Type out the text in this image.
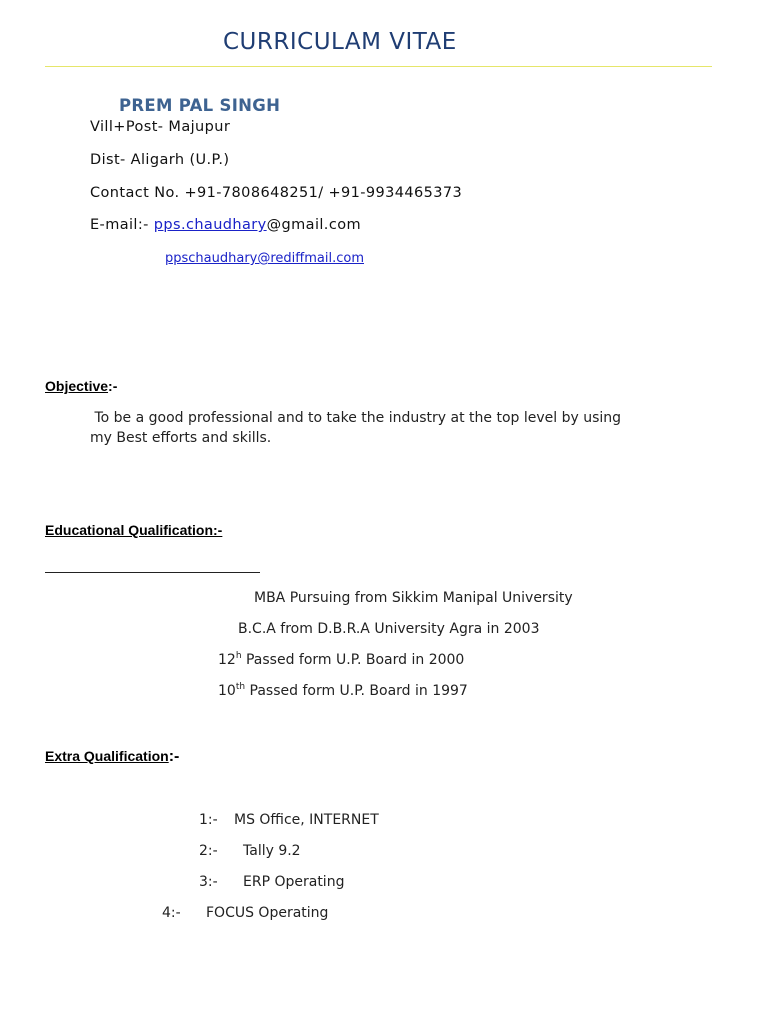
CURRICULAM VITAE
PREM PAL SINGH
Vill+Post- Majupur
Dist- Aligarh (U.P.)
Contact No. +91-7808648251/ +91-9934465373
E-mail:- pps.chaudhary@gmail.com
ppschaudhary@rediffmail.com
Objective:-
To be a good professional and to take the industry at the top level by using
my Best efforts and skills.
Educational Qualification:-
MBA Pursuing from Sikkim Manipal University
B.C.A from D.B.R.A University Agra in 2003
12$^h$ Passed form U.P. Board in 2000
10th Passed form U.P. Board in 1997
Extra Qualification:-
1:- MS Office, INTERNET
2:- Tally 9.2
3:- ERP Operating
4:- FOCUS Operating
